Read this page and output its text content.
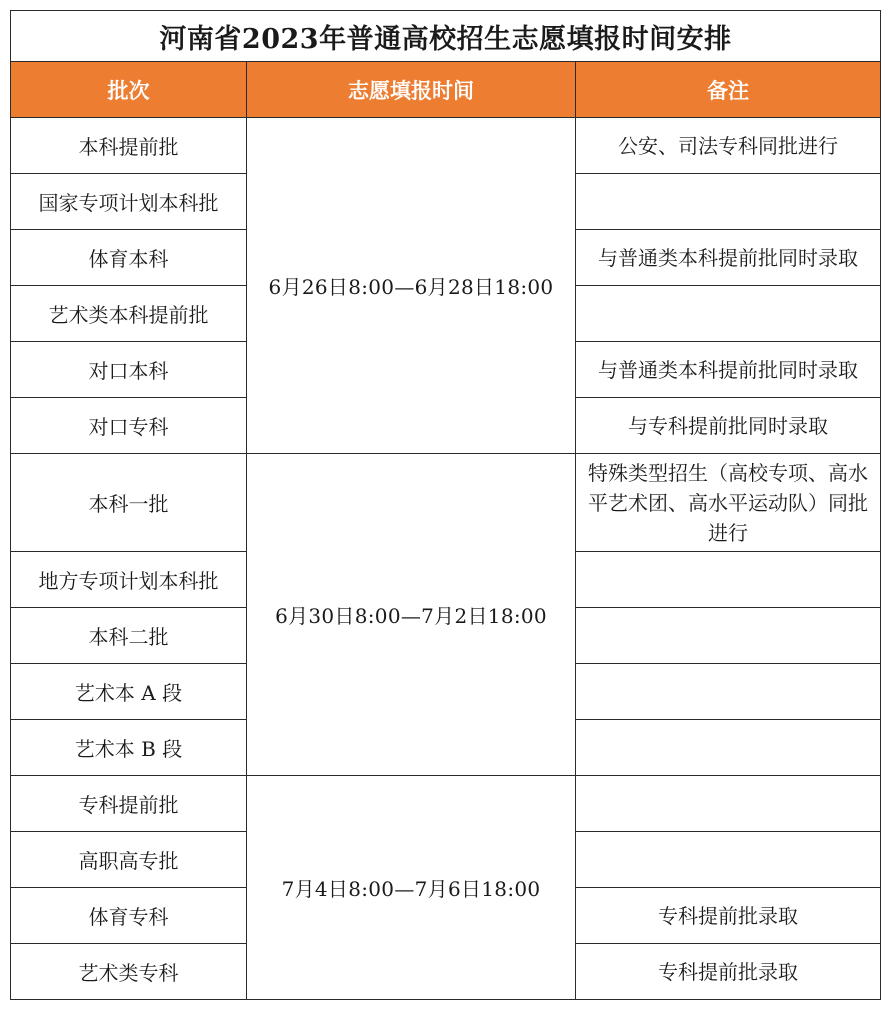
河南省2023年普通高校招生志愿填报时间安排		
批次	志愿填报时间	备注
本科提前批	6月26日8:00—6月28日18:00	公安、司法专科同批进行
国家专项计划本科批		
体育本科		与普通类本科提前批同时录取
艺术类本科提前批		
对口本科		与普通类本科提前批同时录取
对口专科		与专科提前批同时录取
本科一批	6月30日8:00—7月2日18:00	特殊类型招生（高校专项、高水平艺术团、高水平运动队）同批进行
地方专项计划本科批		
本科二批		
艺术本 A 段		
艺术本 B 段		
专科提前批	7月4日8:00—7月6日18:00	
高职高专批		
体育专科		专科提前批录取
艺术类专科		专科提前批录取
